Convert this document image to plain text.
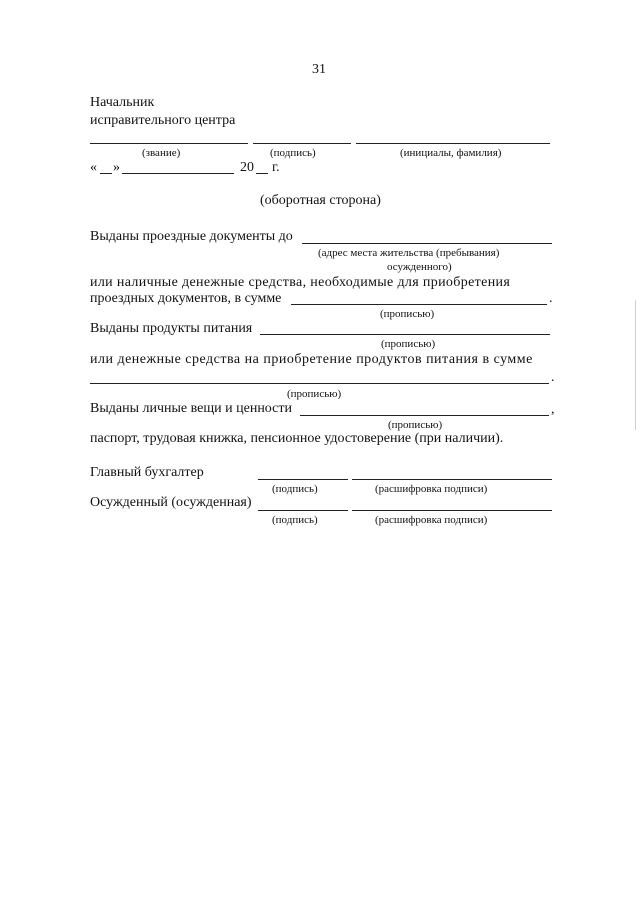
31
Начальник
исправительного центра
(звание)	(подпись)	(инициалы, фамилия)
« »	20 г.
(оборотная сторона)
Выданы проездные документы до
(адрес места жительства (пребывания)
осужденного)
или наличные денежные средства, необходимые для приобретения
проездных документов, в сумме	.
(прописью)
Выданы продукты питания
(прописью)
или денежные средства на приобретение продуктов питания в сумме
.
(прописью)
Выданы личные вещи и ценности	,
(прописью)
паспорт, трудовая книжка, пенсионное удостоверение (при наличии).
Главный бухгалтер
(подпись)	(расшифровка подписи)
Осужденный (осужденная)
(подпись)	(расшифровка подписи)
